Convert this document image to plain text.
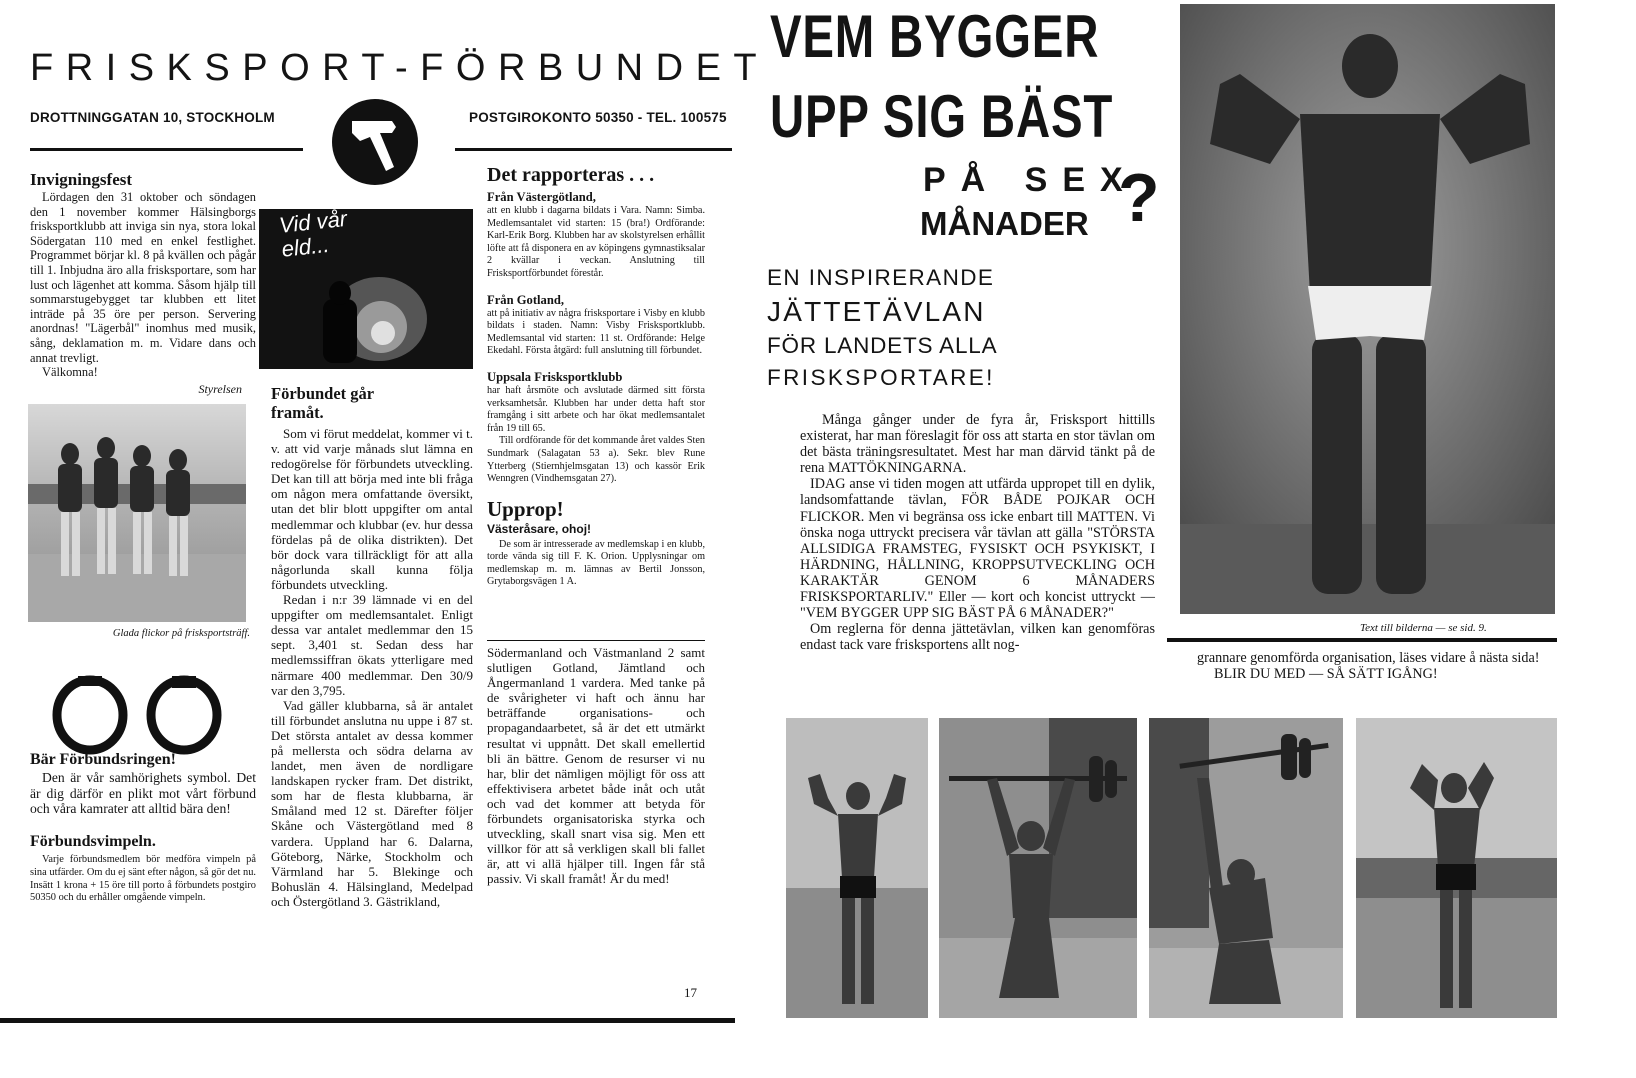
FRISKSPORT-FÖRBUNDET
DROTTNINGGATAN 10, STOCKHOLM	POSTGIROKONTO 50350 - TEL. 100575
Invigningsfest

Lördagen den 31 oktober och söndagen den 1 november kommer Hälsingborgs frisksportklubb att inviga sin nya, stora lokal Södergatan 110 med en enkel festlighet. Programmet börjar kl. 8 på kvällen och pågår till 1. Inbjudna äro alla frisksportare, som har lust och lägenhet att komma. Såsom hjälp till sommarstugebygget tar klubben ett litet inträde på 35 öre per person. Servering anordnas! "Lägerbål" inomhus med musik, sång, deklamation m. m. Vidare dans och annat trevligt.

Välkomna!

Styrelsen
Glada flickor på frisksportsträff.
Bär Förbundsringen!

Den är vår samhörighets symbol. Det är dig därför en plikt mot vårt förbund och våra kamrater att alltid bära den!

Förbundsvimpeln.

Varje förbundsmedlem bör medföra vimpeln på sina utfärder. Om du ej sänt efter någon, så gör det nu. Insätt 1 krona + 15 öre till porto å förbundets postgiro 50350 och du erhåller omgående vimpeln.

Vid vår eld...
Förbundet går
framåt.

Som vi förut meddelat, kommer vi t. v. att vid varje månads slut lämna en redogörelse för förbundets utveckling. Det kan till att börja med inte bli fråga om någon mera omfattande översikt, utan det blir blott uppgifter om antal medlemmar och klubbar (ev. hur dessa fördelas på de olika distrikten). Det bör dock vara tillräckligt för att alla någorlunda skall kunna följa förbundets utveckling.

Redan i n:r 39 lämnade vi en del uppgifter om medlemsantalet. Enligt dessa var antalet medlemmar den 15 sept. 3,401 st. Sedan dess har medlemssiffran ökats ytterligare med närmare 400 medlemmar. Den 30/9 var den 3,795.

Vad gäller klubbarna, så är antalet till förbundet anslutna nu uppe i 87 st. Det största antalet av dessa kommer på mellersta och södra delarna av landet, men även de nordligare landskapen rycker fram. Det distrikt, som har de flesta klubbarna, är Småland med 12 st. Därefter följer Skåne och Västergötland med 8 vardera. Uppland har 6. Dalarna, Göteborg, Närke, Stockholm och Värmland har 5. Blekinge och Bohuslän 4. Hälsingland, Medelpad och Östergötland 3. Gästrikland,

Det rapporteras . . .
Från Västergötland,

att en klubb i dagarna bildats i Vara. Namn: Simba. Medlemsantalet vid starten: 15 (bra!) Ordförande: Karl-Erik Borg. Klubben har av skolstyrelsen erhållit löfte att få disponera en av köpingens gymnastiksalar 2 kvällar i veckan. Anslutning till Frisksportförbundet förestår.

Från Gotland,

att på initiativ av några frisksportare i Visby en klubb bildats i staden. Namn: Visby Frisksportklubb. Medlemsantal vid starten: 11 st. Ordförande: Helge Ekedahl. Första åtgärd: full anslutning till förbundet.

Uppsala Frisksportklubb

har haft årsmöte och avslutade därmed sitt första verksamhetsår. Klubben har under detta haft stor framgång i sitt arbete och har ökat medlemsantalet från 19 till 65.

Till ordförande för det kommande året valdes Sten Sundmark (Salagatan 53 a). Sekr. blev Rune Ytterberg (Stiernhjelmsgatan 13) och kassör Erik Wenngren (Vindhemsgatan 27).

Upprop!
Västeråsare, ohoj!

De som är intresserade av medlemskap i en klubb, torde vända sig till F. K. Orion. Upplysningar om medlemskap m. m. lämnas av Bertil Jonsson, Grytaborgsvägen 1 A.

Södermanland och Västmanland 2 samt slutligen Gotland, Jämtland och Ångermanland 1 vardera. Med tanke på de svårigheter vi haft och ännu har beträffande organisations- och propagandaarbetet, så är det ett utmärkt resultat vi uppnått. Det skall emellertid bli än bättre. Genom de resurser vi nu har, blir det nämligen möjligt för oss att effektivisera arbetet både inåt och utåt och vad det kommer att betyda för förbundets organisatoriska styrka och utveckling, skall snart visa sig. Men ett villkor för att så verkligen skall bli fallet är, att vi allä hjälper till. Ingen får stå passiv. Vi skall framåt! Är du med!

17
VEM BYGGER
UPP SIG BÄST
PÅ SEX
MÅNADER ?
EN INSPIRERANDE
JÄTTETÄVLAN
FÖR LANDETS ALLA
FRISKSPORTARE!

Många gånger under de fyra år, Frisksport hittills existerat, har man föreslagit för oss att starta en stor tävlan om det bästa träningsresultatet. Mest har man därvid tänkt på de rena MATTÖKNINGARNA.

IDAG anse vi tiden mogen att utfärda uppropet till en dylik, landsomfattande tävlan, FÖR BÅDE POJKAR OCH FLICKOR. Men vi begränsa oss icke enbart till MATTEN. Vi önska noga uttryckt precisera vår tävlan att gälla "STÖRSTA ALLSIDIGA FRAMSTEG, FYSISKT OCH PSYKISKT, I HÄRDNING, HÅLLNING, KROPPSUTVECKLING OCH KARAKTÄR GENOM 6 MÅNADERS FRISKSPORTARLIV." Eller — kort och koncist uttryckt — "VEM BYGGER UPP SIG BÄST PÅ 6 MÅNADER?"

Om reglerna för denna jättetävlan, vilken kan genomföras endast tack vare frisksportens allt nog-

Text till bilderna — se sid. 9.

grannare genomförda organisation, läses vidare å nästa sida!

BLIR DU MED — SÅ SÄTT IGÅNG!
